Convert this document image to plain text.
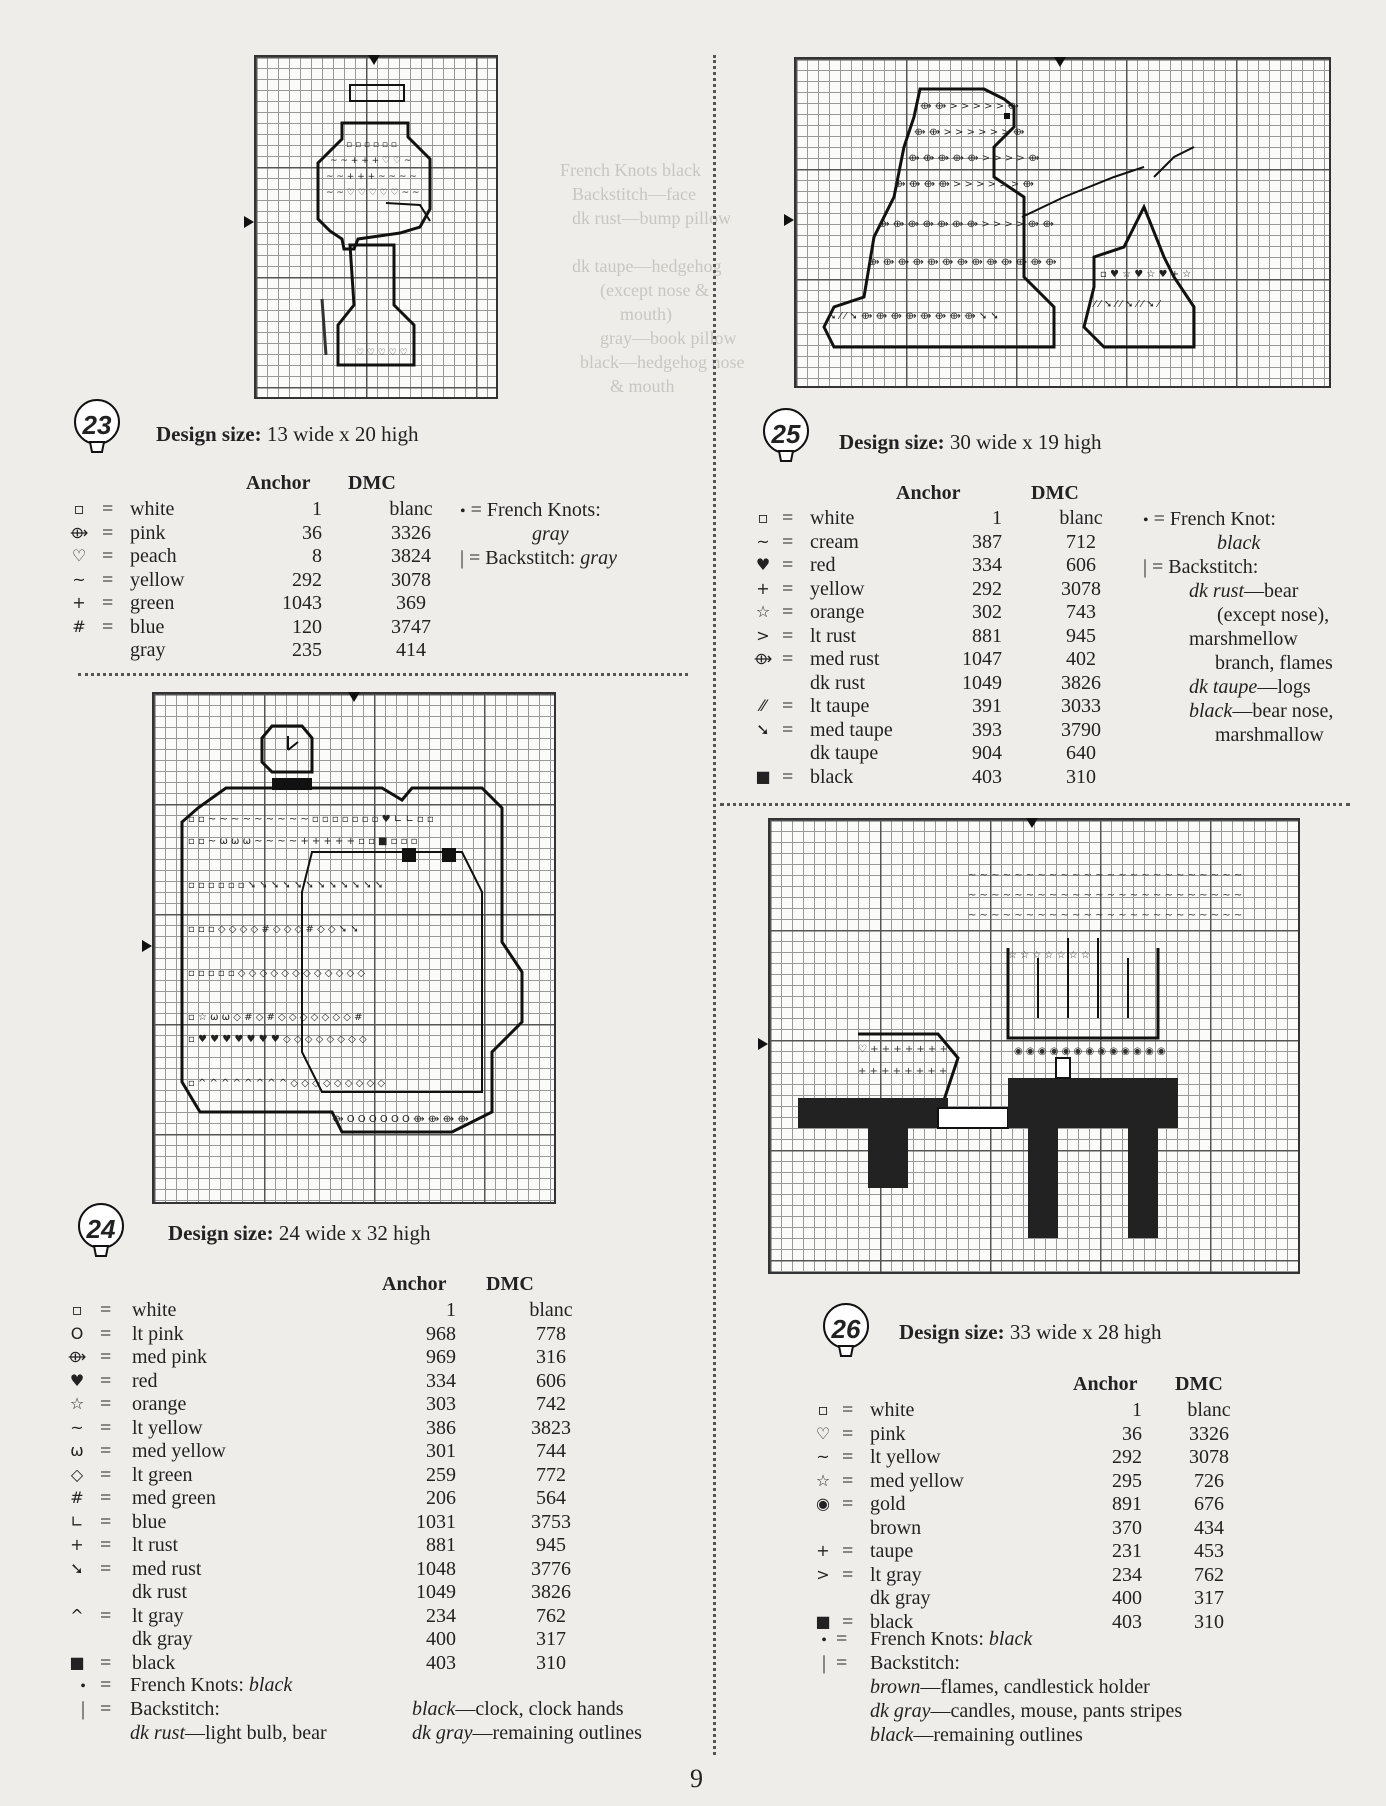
French Knots black
Backstitch—face
dk rust—bump pillow
dk taupe—hedgehog
(except nose &
mouth)
gray—book pillow
black—hedgehog nose
& mouth
~ ~ ♡ ♡ ♡ ♡ ♡ ~ ~
~ ~ + + + ~ ~ ~ ~
~ ~ + + + ♡ ♡ ~
▫ ▫ ▫ ▫ ▫ ▫
♡ ♡ ♡ ♡ ♡
23	Design size: 13 wide x 20 high
Anchor DMC
▫ = white	1	blanc
⟴ = pink	36	3326
♡ = peach	8	3824
~ = yellow	292	3078
+ = green	1043	369
# = blue	120	3747
gray	235	414
• = French Knots:
gray
| = Backstitch: gray
▫ ▫ ~ ~ ~ ~ ~ ~ ~ ~ ~ ▫ ▫ ▫ ▫ ▫ ▫ ▫ ♥ ∟ ∟ ▫ ▫
▫ ▫ ~ ω ω ω ~ ~ ~ ~ + + + + + ▫ ▫ ■ ▫ ▫ ▫
▫ ▫ ▫ ▫ ▫ ▫ ➘ ➘ ➘ ➘ ➘ ➘ ➘ ➘ ➘ ➘ ➘ ➘
▫ ▫ ▫ ◇ ◇ ◇ ◇ # ◇ ◇ ◇ # ◇ ◇ ➘ ➘
▫ ▫ ▫ ▫ ▫ ◇ ◇ ◇ ◇ ◇ ◇ ◇ ◇ ◇ ◇ ◇ ◇
▫ ☆ ω ω ◇ # ◇ # ◇ ◇ ◇ ◇ ◇ ◇ ◇ #
▫ ♥ ♥ ♥ ♥ ♥ ♥ ♥ ◇ ◇ ◇ ◇ ◇ ◇ ◇ ◇
▫ ^ ^ ^ ^ ^ ^ ^ ^ ◇ ◇ ◇ ◇ ◇ ◇ ◇ ◇ ◇
⟴ O O O O O O ⟴ ⟴ ⟴ ⟴
24	Design size: 24 wide x 32 high
Anchor DMC
▫ = white	1	blanc
O = lt pink	968	778
⟴ = med pink	969	316
♥ = red	334	606
☆ = orange	303	742
~ = lt yellow	386	3823
ω = med yellow	301	744
◇ = lt green	259	772
# = med green	206	564
∟ = blue	1031	3753
+ = lt rust	881	945
➘ = med rust	1048	3776
dk rust	1049	3826
^ = lt gray	234	762
dk gray	400	317
■ = black	403	310
• = French Knots: black
| = Backstitch:
dk rust—light bulb, bear
black—clock, clock hands
dk gray—remaining outlines
⟴ ⟴ > > > > > ⟴
⟴ ⟴ > > > > > > ⟴
⟴ ⟴ ⟴ ⟴ ⟴ > > > > ⟴
⟴ ⟴ ⟴ ⟴ > > > > > > ⟴
⟴ ⟴ ⟴ ⟴ ⟴ ⟴ ⟴ > > > > ⟴ ⟴
⟴ ⟴ ⟴ ⟴ ⟴ ⟴ ⟴ ⟴ ⟴ ⟴ ⟴ ⟴ ⟴
➘ ⁄ ⁄ ➘ ⟴ ⟴ ⟴ ⟴ ⟴ ⟴ ⟴ ⟴ ➘ ➘
▫ ♥ ☆ ♥ ☆ ♥ + ☆
⁄ ⁄ ➘ ⁄ ⁄ ➘ ⁄ ⁄ ➘ ⁄
25	Design size: 30 wide x 19 high
Anchor	DMC
▫ = white	1	blanc
~ = cream	387	712
♥ = red	334	606
+ = yellow	292	3078
☆ = orange	302	743
> = lt rust	881	945
⟴ = med rust	1047	402
dk rust	1049	3826
⁄⁄ = lt taupe	391	3033
➘ = med taupe	393	3790
dk taupe	904	640
■ = black	403	310
• = French Knot:
black
| = Backstitch:
dk rust—bear
(except nose),
marshmellow
branch, flames
dk taupe—logs
black—bear nose,
marshmallow
~ ~ ~ ~ ~ ~ ~ ~ ~ ~ ~ ~ ~ ~ ~ ~ ~ ~ ~ ~ ~ ~ ~ ~
~ ~ ~ ~ ~ ~ ~ ~ ~ ~ ~ ~ ~ ~ ~ ~ ~ ~ ~ ~ ~ ~ ~ ~
~ ~ ~ ~ ~ ~ ~ ~ ~ ~ ~ ~ ~ ~ ~ ~ ~ ~ ~ ~ ~ ~ ~ ~
☆ ☆ ☆ ☆ ☆ ☆ ☆
◉ ◉ ◉ ◉ ◉ ◉ ◉ ◉ ◉ ◉ ◉ ◉ ◉
♡ + + + + + + +
+ + + + + + + +
26	Design size: 33 wide x 28 high
Anchor DMC
▫ = white	1	blanc
♡ = pink	36	3326
~ = lt yellow	292	3078
☆ = med yellow	295	726
◉ = gold	891	676
brown	370	434
+ = taupe	231	453
> = lt gray	234	762
dk gray	400	317
■ = black	403	310
• = French Knots: black
| = Backstitch:
brown—flames, candlestick holder
dk gray—candles, mouse, pants stripes
black—remaining outlines
9
